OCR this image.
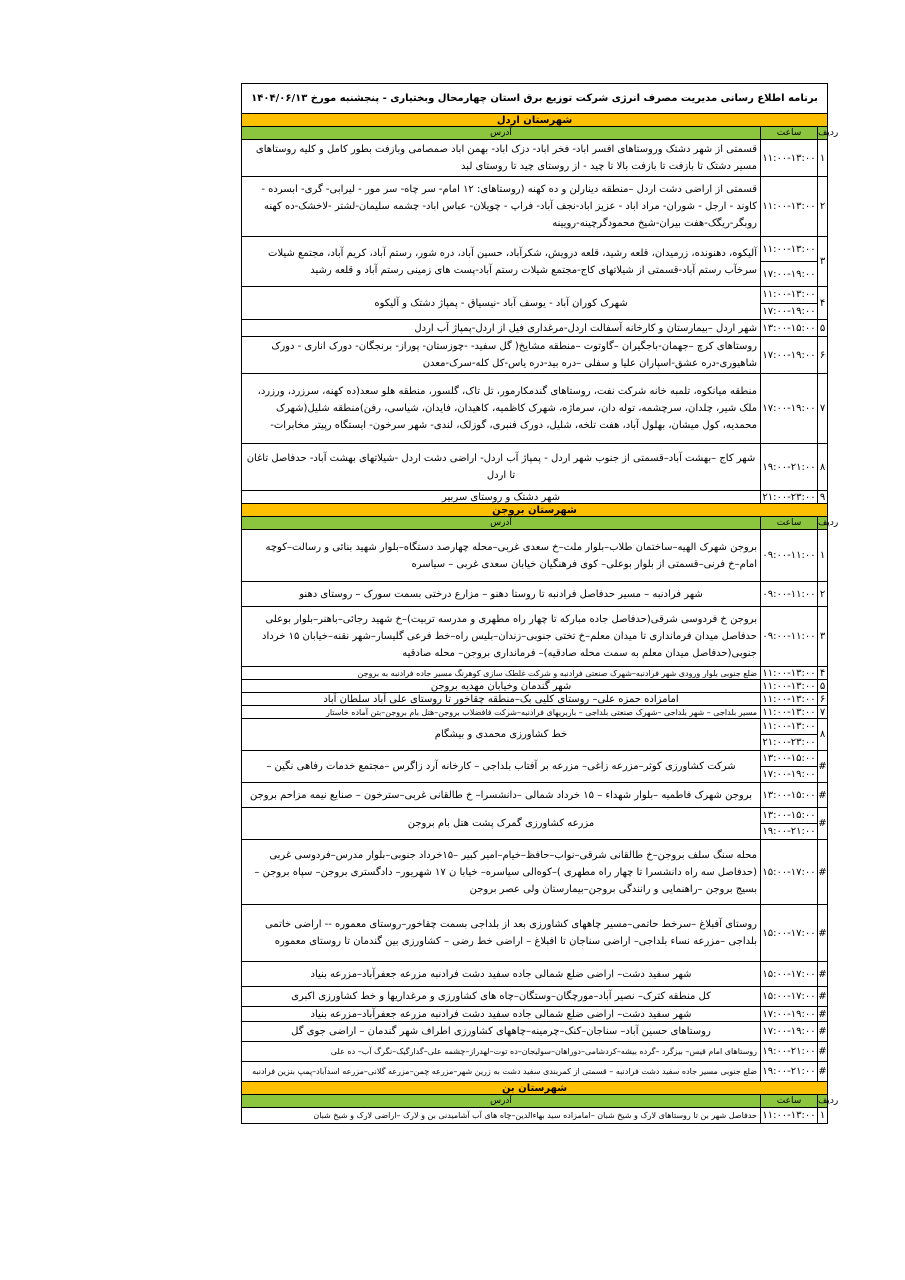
برنامه اطلاع رسانی مدیریت مصرف انرژی شرکت توزیع برق استان چهارمحال وبختیاری - پنجشنبه مورخ ۱۴۰۴/۰۶/۱۳
شهرستان اردل
آدرس	ساعت	ردیف
قسمتی از شهر دشتک وروستاهای افسر اباد- فخر اباد- دزک اباد- بهمن اباد صمصامی وبازفت بطور کامل و کلیه روستاهای مسیر دشتک تا بازفت تا بازفت بالا تا چید - از روستای چید تا روستای لبد
۱۱:۰۰-۱۳:۰۰ ۱
قسمتی از اراضی دشت اردل –منطقه دینارلن و ده کهنه (روستاهای: ۱۲ امام- سر چاه- سر مور - لیرابی- گری- ابسرده - کاوند - ارجل - شوران- مراد اباد - عزیز اباد-نجف آباد- فراپ - چویلان- عباس اباد- چشمه سلیمان-لشتر -لاخشک-ده کهنه روبگر-ریگک-هفت بیران-شیخ محمودگرچینه-رویینه
۱۱:۰۰-۱۳:۰۰ ۲
آلیکوه، دهنونده، زرمیدان، قلعه رشید، قلعه درویش، شکرآباد، حسین آباد، دره شور، رستم آباد، کریم آباد، مجتمع شیلات سرخآب رستم آباد-قسمتی از شیلاتهای کاج-مجتمع شیلات رستم آباد-پست های زمینی رستم آباد و قلعه رشید
۱۱:۰۰-۱۳:۰۰
۱۷:۰۰-۱۹:۰۰
۳
شهرک کوران آباد - یوسف آباد -نیسیاق - پمپاژ دشتک و آلیکوه
۱۱:۰۰-۱۳:۰۰
۱۷:۰۰-۱۹:۰۰
۴
شهر اردل –بیمارستان و کارخانه آسفالت اردل-مرغداری فیل از اردل-پمپاژ آب اردل ۱۳:۰۰-۱۵:۰۰ ۵
روستاهای کرچ –جهمان-باجگیران –گاوتوت –منطقه مشایخ( گل سفید- -چوزستان- پوراز- برنجگان- دورک اناری - دورک شاهیوری-دره عشق-اسپاران علیا و سفلی –دره بید-دره یاس-کل کله-سرک-معدن
۱۷:۰۰-۱۹:۰۰ ۶
منطقه میانکوه، تلمبه خانه شرکت نفت، روستاهای گندمکارمور، تل تاک، گلسور، منطقه هلو سعد(ده کهنه، سرزرد، ورزرد، ملک شیر، چلدان، سرچشمه، توله دان، سرماژه، شهرک کاظمیه، کاهیدان، فایدان، شیاسی، رفن)منطقه شلیل(شهرک محمدیه، کول میشان، بهلول آباد، هفت تلخه، شلیل، دورک فنبری، گوزلک، لندی- شهر سرخون- ایستگاه رپیتر مخابرات-
۱۷:۰۰-۱۹:۰۰ ۷
شهر کاج –بهشت آباد–قسمتی از جنوب شهر اردل - پمپاژ آب اردل- اراضی دشت اردل -شیلاتهای بهشت آباد- حدفاصل تاغان تا اردل
۱۹:۰۰-۲۱:۰۰ ۸
شهر دشتک و روستای سربیر	۲۱:۰۰-۲۳:۰۰ ۹
شهرستان بروجن
آدرس	ساعت	ردیف
بروجن شهرک الهیه–ساختمان طلاب–بلوار ملت–خ سعدی غربی–محله چهارصد دستگاه–بلوار شهید بنائی و رسالت–کوچه امام–خ فرنی–قسمتی از بلوار بوعلی– کوی فرهنگیان خیابان سعدی غربی – سیاسره
۰۹:۰۰-۱۱:۰۰ ۱
شهر فرادنبه – مسیر حدفاصل فرادنبه تا روستا دهنو – مزارع درختی بسمت سورک – روستای دهنو	۰۹:۰۰-۱۱:۰۰ ۲
بروجن خ فردوسی شرقی(حدفاصل جاده مبارکه تا چهار راه مطهری و مدرسه تربیت)–خ شهید رجائی–باهنر–بلوار بوعلی حدفاصل میدان فرمانداری تا میدان معلم–خ تختی جنوبی–زندان–بلیس راه–خط فرعی گلیسار–شهر نقنه–خیابان ۱۵ خرداد جنوبی(حدفاصل میدان معلم به سمت محله صادقیه)– فرمانداری بروجن– محله صادقیه
۰۹:۰۰-۱۱:۰۰ ۳
ضلع جنوبی بلوار ورودی شهر فرادنبه–شهرک صنعتی فرادنبه و شرکت غلطک سازی کوهرنگ مسیر جاده فرادنبه به بروجن ۱۱:۰۰-۱۳:۰۰ ۴
شهر گندمان وخیابان مهدیه بروجن	۱۱:۰۰-۱۳:۰۰ ۵
امامزاده حمزه علی– روستای کلیی بک–منطقه چقاخور تا روستای علی آباد سلطان آباد	۱۱:۰۰-۱۳:۰۰ ۶
مسیر بلداجی – شهر بلداجی –شهرک صنعتی بلداجی – باربریهای فرادنبه–شرکت فافضلاب بروجن–هتل بام بروجن–بتن آماده خاستار ۱۱:۰۰-۱۳:۰۰ ۷
خط کشاورزی محمدی و بیشگام
۱۱:۰۰-۱۳:۰۰
۲۱:۰۰-۲۳:۰۰
۸
شرکت کشاورزی کوثر–مزرعه زاغی– مزرعه بر آفتاب بلداجی – کارخانه آرد زاگرس –مجتمع خدمات رفاهی نگین –
۱۳:۰۰-۱۵:۰۰
۱۷:۰۰-۱۹:۰۰
#
بروجن شهرک فاطمیه –بلوار شهداء – ۱۵ خرداد شمالی –دانشسرا– خ طالقانی غربی–سترخون – صنایع نیمه مزاحم بروجن	۱۳:۰۰-۱۵:۰۰ #
مزرعه کشاورزی گمرک پشت هتل بام بروجن
۱۳:۰۰-۱۵:۰۰
۱۹:۰۰-۲۱:۰۰
#
محله سنگ سلف بروجن–خ طالقانی شرقی–نواب–حافظ–خیام–امیر کبیر –۱۵خرداد جنوبی–بلوار مدرس–فردوسی غربی (حدفاصل سه راه دانشسرا تا چهار راه مطهری )–کوه‌الی سیاسره– خیابا ن ۱۷ شهریور– دادگستری بروجن– سپاه بروجن – بسیج بروجن –راهنمایی و رانندگی بروجن–بیمارستان ولی عصر بروجن
۱۵:۰۰-۱۷:۰۰ #
روستای آفبلاغ –سرخط حاتمی–مسیر چاههای کشاورزی بعد از بلداجی بسمت چقاخور–روستای معموره -- اراضی خاتمی بلداجی –مزرعه نساء بلداجی– اراضی سناجان تا افبلاغ – اراضی خط رضی – کشاورزی بین گندمان تا روستای معموره
۱۵:۰۰-۱۷:۰۰ #
شهر سفید دشت– اراضی ضلع شمالی جاده سفید دشت فرادنبه مزرعه جعفرآباد–مزرعه بنیاد	۱۵:۰۰-۱۷:۰۰ #
کل منطقه کترک– نصیر آباد–مورچگان–وستگان–چاه های کشاورزی و مرغداریها و خط کشاورزی اکبری	۱۵:۰۰-۱۷:۰۰ #
شهر سفید دشت– اراضی ضلع شمالی جاده سفید دشت فرادنبه مزرعه جعفرآباد–مزرعه بنیاد	۱۷:۰۰-۱۹:۰۰ #
روستاهای حسین آباد– سناجان–کنک–چرمینه–چاههای کشاورزی اطراف شهر گندمان – اراضی جوی گل	۱۷:۰۰-۱۹:۰۰ #
روستاهای امام قیس– بیزگرد –گرده بیشه–کردشامی–دوراهان–سولیجان–ده توت–لهدراز–چشمه علی–گدارگیک–نگرگ آب– ده علی ۱۹:۰۰-۲۱:۰۰ #
ضلع جنوبی مسیر جاده سفید دشت فرادنبه – قسمتی از کمربندی سفید دشت به زرین شهر–مزرعه چمن–مزرعه گلانی–مزرعه اسدآباد–پمپ بنزین فرادنبه ۱۹:۰۰-۲۱:۰۰ #
شهرستان بن
آدرس	ساعت	ردیف
حدفاصل شهر بن تا روستاهای لارک و شیخ شبان –امامزاده سید بهاءالدین–چاه های آب آشامیدنی بن و لارک –اراضی لارک و شیخ شبان ۱۱:۰۰-۱۳:۰۰ ۱
